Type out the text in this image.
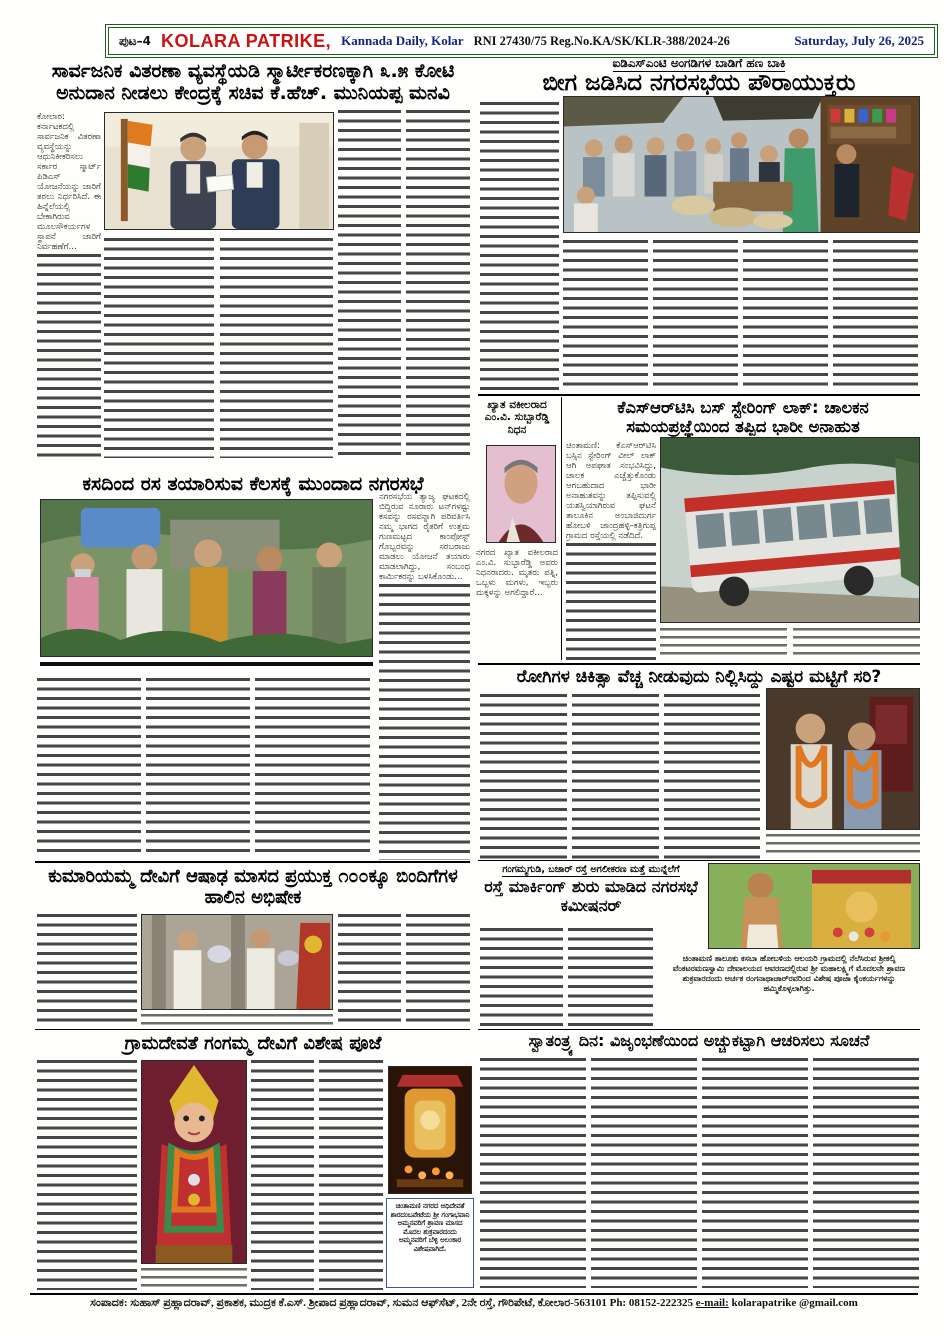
ಪುಟ–4 KOLARA PATRIKE, Kannada Daily, Kolar RNI 27430/75 Reg.No.KA/SK/KLR-388/2024-26	Saturday, July 26, 2025
ಸಾರ್ವಜನಿಕ ವಿತರಣಾ ವ್ಯವಸ್ಥೆಯಡಿ ಸ್ಮಾರ್ಟೀಕರಣಕ್ಕಾಗಿ ೩.೫ ಕೋಟಿ ಅನುದಾನ ನೀಡಲು ಕೇಂದ್ರಕ್ಕೆ ಸಚಿವ ಕೆ.ಹೆಚ್. ಮುನಿಯಪ್ಪ ಮನವಿ
ಕೋಲಾರ: ಕರ್ನಾಟಕದಲ್ಲಿ ಸಾರ್ವಜನಿಕ ವಿತರಣಾ ವ್ಯವಸ್ಥೆಯನ್ನು ಆಧುನಿಕೀಕರಿಸಲು ಸರ್ಕಾರ ಸ್ಮಾರ್ಟ್ ಪಿಡಿಎಸ್ ಯೋಜನೆಯನ್ನು ಜಾರಿಗೆ ತರಲು ನಿರ್ಧರಿಸಿದೆ. ಈ ಹಿನ್ನೆಲೆಯಲ್ಲಿ ಬೇಕಾಗಿರುವ ಮೂಲಸೌಕರ್ಯಗಳ ಸ್ಥಾಪನೆ ಜಾರಿಗೆ ನಿರ್ವಹಣೆಗೆ...
ಐಡಿಎಸ್‌ಎಂಟಿ ಅಂಗಡಿಗಳ ಬಾಡಿಗೆ ಹಣ ಬಾಕಿ
ಬೀಗ ಜಡಿಸಿದ ನಗರಸಭೆಯ ಪೌರಾಯುಕ್ತರು
ಖ್ಯಾತ ವಕೀಲರಾದ ಎಂ.ವಿ. ಸುಬ್ಬಾರೆಡ್ಡಿ ನಿಧನ
ನಗರದ ಖ್ಯಾತ ವಕೀಲರಾದ ಎಂ.ವಿ. ಸುಬ್ಬಾರೆಡ್ಡಿ ಅವರು ನಿಧನರಾದರು. ಮೃತರು ಪತ್ನಿ, ಒಬ್ಬಳು ಮಗಳು, ಇಬ್ಬರು ಮಕ್ಕಳನ್ನು ಅಗಲಿದ್ದಾರೆ...
ಕೆಎಸ್‌ಆರ್‌ಟಿಸಿ ಬಸ್ ಸ್ಟೇರಿಂಗ್ ಲಾಕ್: ಚಾಲಕನ ಸಮಯಪ್ರಜ್ಞೆಯಿಂದ ತಪ್ಪಿದ ಭಾರೀ ಅನಾಹುತ
ಚಿಂತಾಮಣಿ: ಕೆಎಸ್‌ಆರ್‌ಟಿಸಿ ಬಸ್ಸಿನ ಸ್ಟೇರಿಂಗ್ ವೀಲ್ ಲಾಕ್ ಆಗಿ ಅಪಘಾತ ಸಂಭವಿಸಿದ್ದು, ಚಾಲಕ ಎಚ್ಚೆತ್ತುಕೊಂಡು ಆಗಬಹುದಾದ ಭಾರೀ ಅನಾಹುತವನ್ನು ತಪ್ಪಿಸುವಲ್ಲಿ ಯಶಸ್ವಿಯಾಗಿರುವ ಘಟನೆ ತಾಲೂಕಿನ ಅಂಬಾಜಿದುರ್ಗ ಹೋಬಳಿ ಜಾಂದ್ರಹಳ್ಳಿ–ಕತ್ರಿಗುಪ್ಪ ಗ್ರಾಮದ ರಸ್ತೆಯಲ್ಲಿ ನಡೆದಿದೆ.
ರೋಗಿಗಳ ಚಿಕಿತ್ಸಾ ವೆಚ್ಚ ನೀಡುವುದು ನಿಲ್ಲಿಸಿದ್ದು ಎಷ್ಟರ ಮಟ್ಟಿಗೆ ಸರಿ?
ಕಸದಿಂದ ರಸ ತಯಾರಿಸುವ ಕೆಲಸಕ್ಕೆ ಮುಂದಾದ ನಗರಸಭೆ
ನಗರಸಭೆಯ ತ್ಯಾಜ್ಯ ಘಟಕದಲ್ಲಿ ಬಿದ್ದಿರುವ ನೂರಾರು ಟನ್‌ಗಳಷ್ಟು ಕಸವನ್ನು ರಸವನ್ನಾಗಿ ಪರಿವರ್ತಿಸಿ ನಮ್ಮ ಭಾಗದ ರೈತರಿಗೆ ಉತ್ತಮ ಗುಣಮಟ್ಟದ ಕಾಂಪೋಸ್ಟ್ ಗೊಬ್ಬರವನ್ನು ಸರಬರಾಜು ಮಾಡಲು ಯೋಜನೆ ತಯಾರು ಮಾಡಲಾಗಿದ್ದು, ಸಂಬಂಧ ಕಾರ್ಮಿಕರನ್ನು ಬಳಸಿಕೊಂಡು...
ಕುಮಾರಿಯಮ್ಮ ದೇವಿಗೆ ಆಷಾಢ ಮಾಸದ ಪ್ರಯುಕ್ತ ೧೦೦ಕ್ಕೂ ಬಿಂದಿಗೆಗಳ ಹಾಲಿನ ಅಭಿಷೇಕ
ಗಂಗಮ್ಮಗುಡಿ, ಬಜಾರ್ ರಸ್ತೆ ಅಗಲೀಕರಣ ಮತ್ತೆ ಮುನ್ನೆಲೆಗೆ
ರಸ್ತೆ ಮಾರ್ಕಿಂಗ್ ಶುರು ಮಾಡಿದ ನಗರಸಭೆ ಕಮೀಷನರ್
ಚಿಂತಾಮಣಿ ತಾಲೂಕು ಕಸಬಾ ಹೋಬಳಿಯ ಆಲಯರಿ ಗ್ರಾಮದಲ್ಲಿ ನೆಲೆಸಿರುವ ಶ್ರೀಕಲ್ಕಿ ವೆಂಕಟರಮಣಸ್ವಾಮಿ ದೇವಾಲಯದ ಆವರಣದಲ್ಲಿರುವ ಶ್ರೀ ಮಹಾಲಕ್ಷ್ಮಿಗೆ ಮೊದಲನೇ ಶ್ರಾವಣ ಶುಕ್ರವಾರದಂದು ಅರ್ಚಕ ರಂಗನಾಥಾಚಾರ್‌ರವರಿಂದ ವಿಶೇಷ ಪೂಜಾ ಕೈಂಕರ್ಯಗಳನ್ನು ಹಮ್ಮಿಕೊಳ್ಳಲಾಗಿತ್ತು.
ಗ್ರಾಮದೇವತೆ ಗಂಗಮ್ಮ ದೇವಿಗೆ ವಿಶೇಷ ಪೂಜೆ
ಚಿಂತಾಮಣಿ ನಗರದ ಅಧಿದೇವತೆ ಶಾರದಂಬಪೇಟೆಯ ಶ್ರೀ ಗಂಗಾಭವಾನಿ ಅಮ್ಮನವರಿಗೆ ಶ್ರಾವಣ ಮಾಸದ ಮೊದಲ ಶುಕ್ರವಾರದಂದು ಅಮ್ಮನವರಿಗೆ ಬೆಳ್ಳಿ ಅಲಂಕಾರ ವಿಶೇಷವಾಗಿದೆ.
ಸ್ವಾತಂತ್ರ್ಯ ದಿನ: ವಿಜೃಂಭಣೆಯಿಂದ ಅಚ್ಚುಕಟ್ಟಾಗಿ ಆಚರಿಸಲು ಸೂಚನೆ
ಸಂಪಾದಕ: ಸುಹಾಸ್ ಪ್ರಹ್ಲಾದರಾವ್, ಪ್ರಕಾಶಕ, ಮುದ್ರಕ ಕೆ.ಎಸ್. ಶ್ರೀಪಾದ ಪ್ರಹ್ಲಾದರಾವ್, ಸುಮನ ಆಫ್‌ಸೆಟ್, 2ನೇ ರಸ್ತೆ, ಗೌರಿಪೇಟೆ, ಕೋಲಾರ-563101 Ph: 08152-222325 e-mail: kolarapatrike @gmail.com
